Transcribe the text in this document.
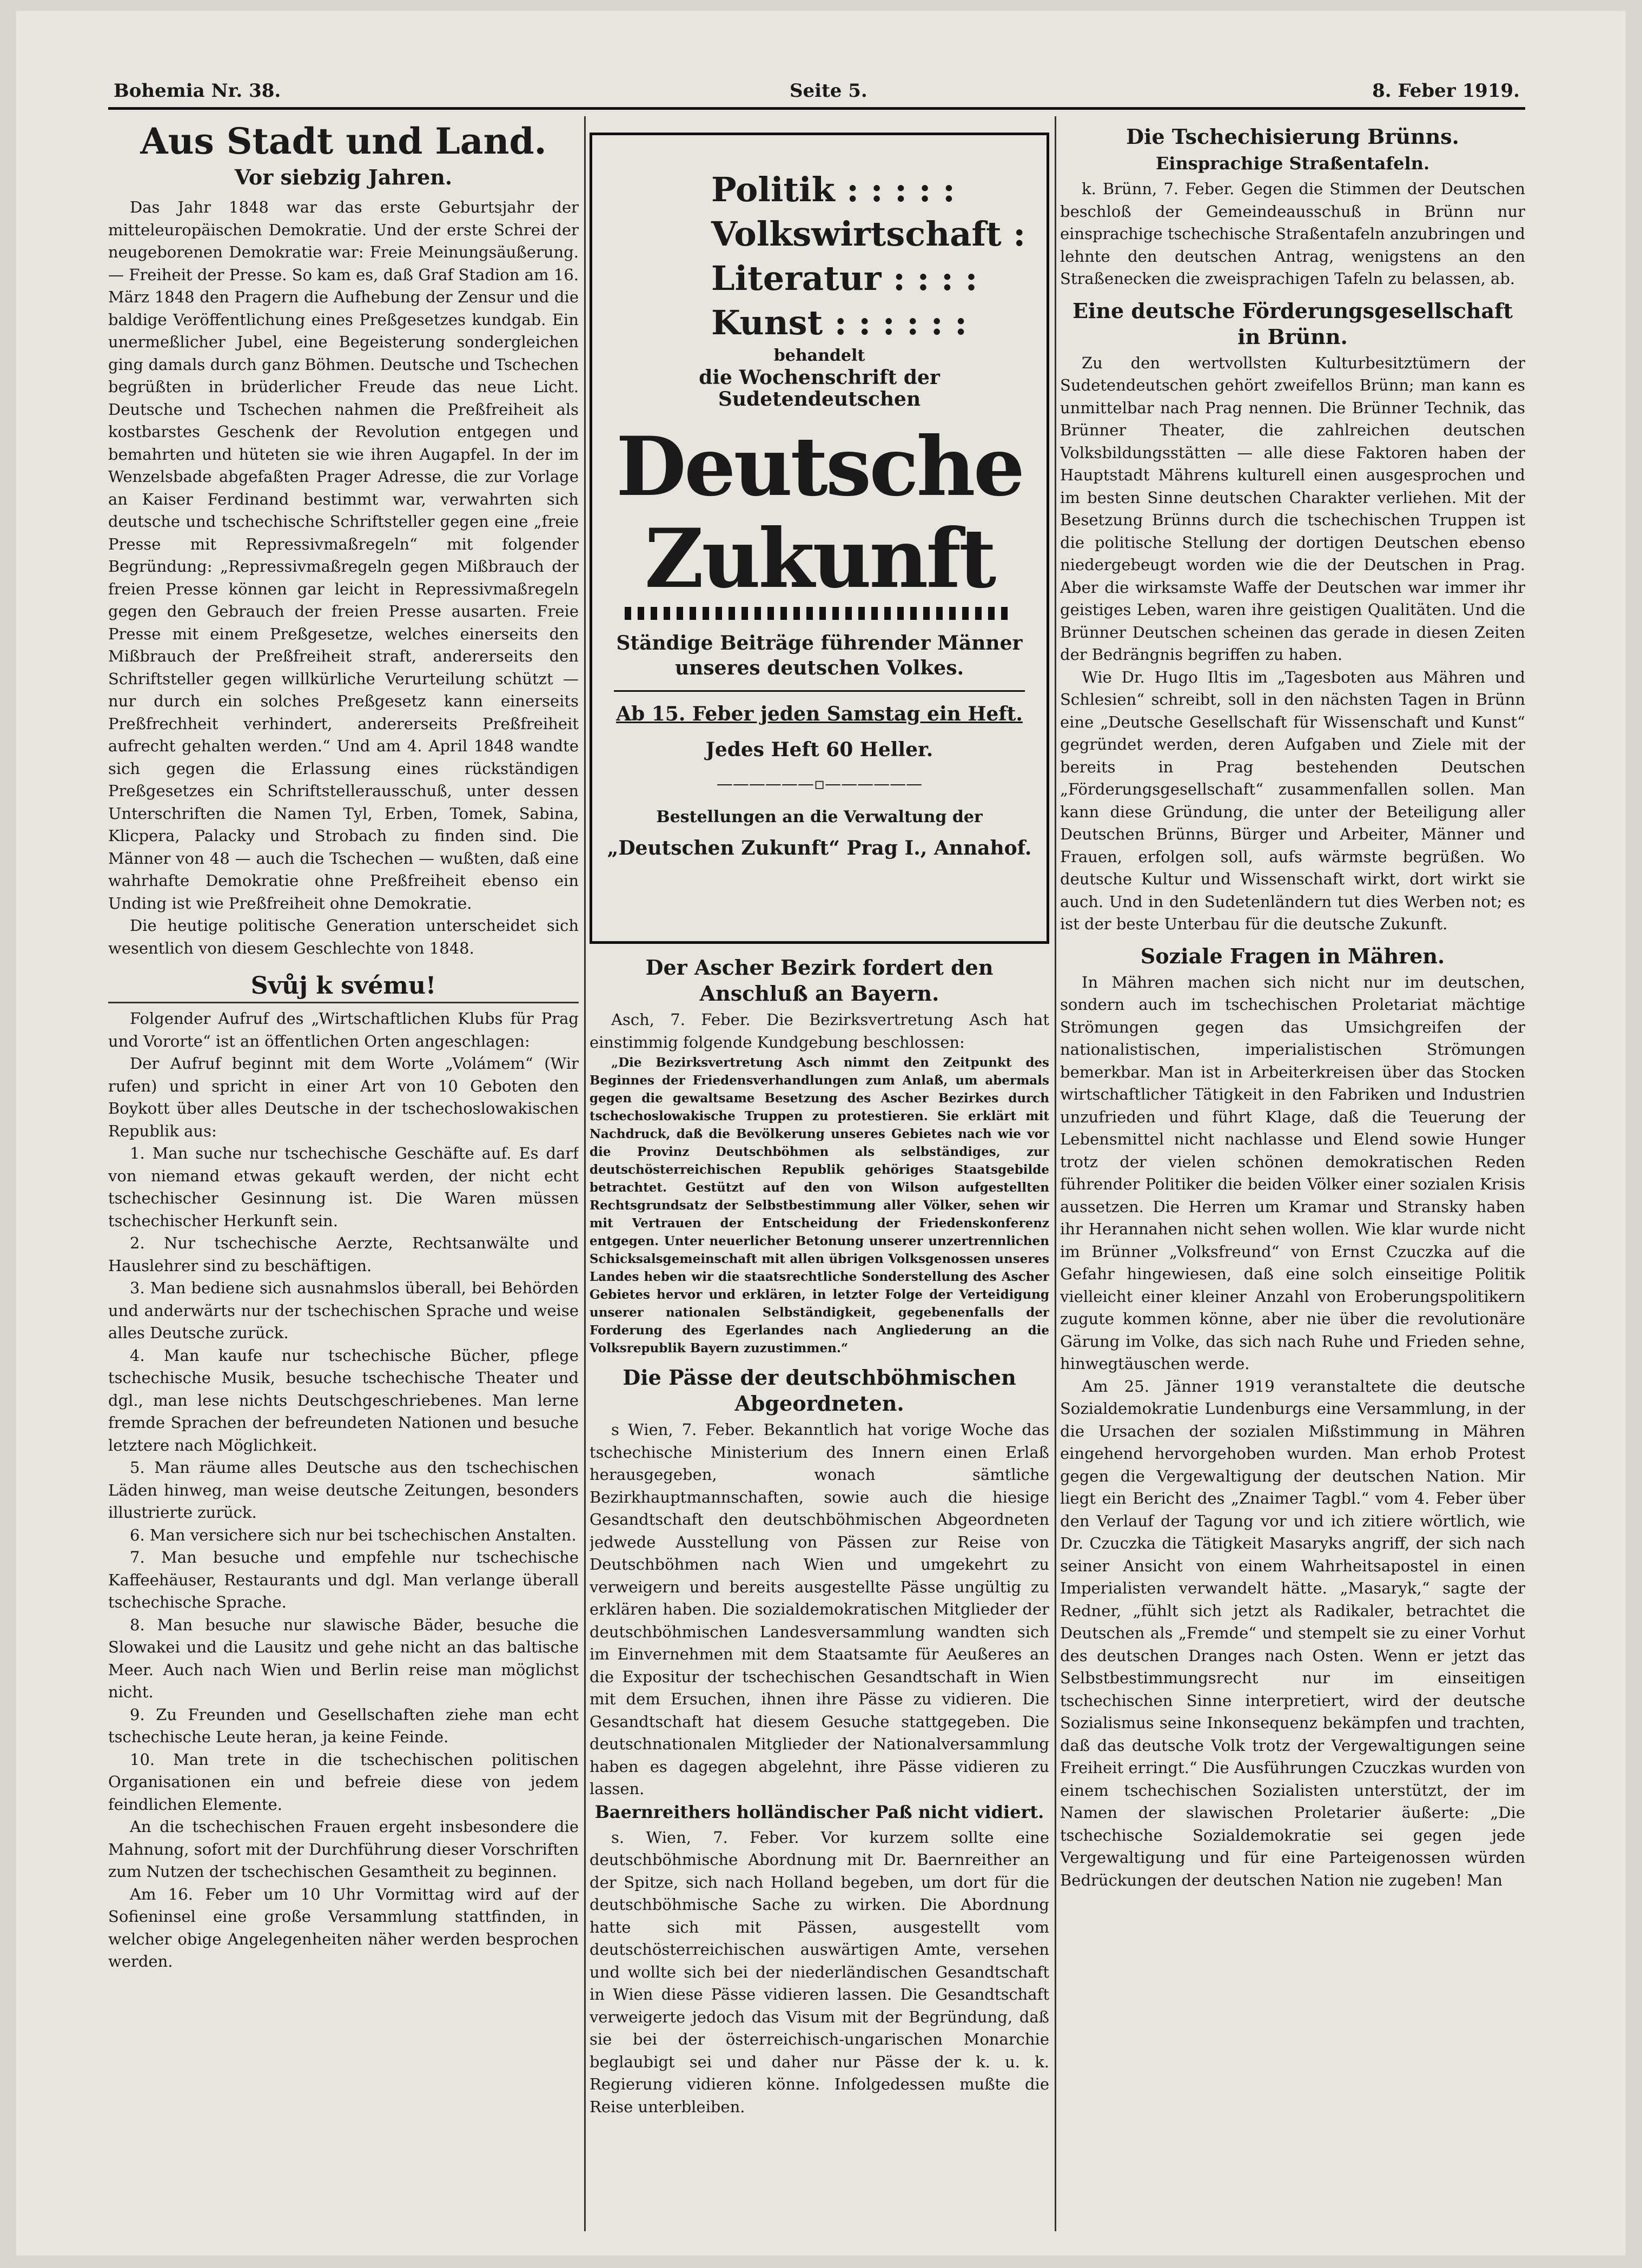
Bohemia Nr. 38.	Seite 5.	8. Feber 1919.
Aus Stadt und Land.
Vor siebzig Jahren.

Das Jahr 1848 war das erste Geburtsjahr der mitteleuropäischen Demokratie. Und der erste Schrei der neugeborenen Demokratie war: Freie Meinungsäußerung. — Freiheit der Presse. So kam es, daß Graf Stadion am 16. März 1848 den Pragern die Aufhebung der Zensur und die baldige Veröffentlichung eines Preßgesetzes kundgab. Ein unermeßlicher Jubel, eine Begeisterung sondergleichen ging damals durch ganz Böhmen. Deutsche und Tschechen begrüßten in brüderlicher Freude das neue Licht. Deutsche und Tschechen nahmen die Preßfreiheit als kostbarstes Geschenk der Revolution entgegen und bemahrten und hüteten sie wie ihren Augapfel. In der im Wenzelsbade abgefaßten Prager Adresse, die zur Vorlage an Kaiser Ferdinand bestimmt war, verwahrten sich deutsche und tschechische Schriftsteller gegen eine „freie Presse mit Repressivmaßregeln“ mit folgender Begründung: „Repressivmaßregeln gegen Mißbrauch der freien Presse können gar leicht in Repressivmaßregeln gegen den Gebrauch der freien Presse ausarten. Freie Presse mit einem Preßgesetze, welches einerseits den Mißbrauch der Preßfreiheit straft, andererseits den Schriftsteller gegen willkürliche Verurteilung schützt — nur durch ein solches Preßgesetz kann einerseits Preßfrechheit verhindert, andererseits Preßfreiheit aufrecht gehalten werden.“ Und am 4. April 1848 wandte sich gegen die Erlassung eines rückständigen Preßgesetzes ein Schriftstellerausschuß, unter dessen Unterschriften die Namen Tyl, Erben, Tomek, Sabina, Klicpera, Palacky und Strobach zu finden sind. Die Männer von 48 — auch die Tschechen — wußten, daß eine wahrhafte Demokratie ohne Preßfreiheit ebenso ein Unding ist wie Preßfreiheit ohne Demokratie.

Die heutige politische Generation unterscheidet sich wesentlich von diesem Geschlechte von 1848.

Svůj k svému!

Folgender Aufruf des „Wirtschaftlichen Klubs für Prag und Vororte“ ist an öffentlichen Orten angeschlagen:

Der Aufruf beginnt mit dem Worte „Volámem“ (Wir rufen) und spricht in einer Art von 10 Geboten den Boykott über alles Deutsche in der tschechoslowakischen Republik aus:

1. Man suche nur tschechische Geschäfte auf. Es darf von niemand etwas gekauft werden, der nicht echt tschechischer Gesinnung ist. Die Waren müssen tschechischer Herkunft sein.

2. Nur tschechische Aerzte, Rechtsanwälte und Hauslehrer sind zu beschäftigen.

3. Man bediene sich ausnahmslos überall, bei Behörden und anderwärts nur der tschechischen Sprache und weise alles Deutsche zurück.

4. Man kaufe nur tschechische Bücher, pflege tschechische Musik, besuche tschechische Theater und dgl., man lese nichts Deutschgeschriebenes. Man lerne fremde Sprachen der befreundeten Nationen und besuche letztere nach Möglichkeit.

5. Man räume alles Deutsche aus den tschechischen Läden hinweg, man weise deutsche Zeitungen, besonders illustrierte zurück.

6. Man versichere sich nur bei tschechischen Anstalten.

7. Man besuche und empfehle nur tschechische Kaffeehäuser, Restaurants und dgl. Man verlange überall tschechische Sprache.

8. Man besuche nur slawische Bäder, besuche die Slowakei und die Lausitz und gehe nicht an das baltische Meer. Auch nach Wien und Berlin reise man möglichst nicht.

9. Zu Freunden und Gesellschaften ziehe man echt tschechische Leute heran, ja keine Feinde.

10. Man trete in die tschechischen politischen Organisationen ein und befreie diese von jedem feindlichen Elemente.

An die tschechischen Frauen ergeht insbesondere die Mahnung, sofort mit der Durchführung dieser Vorschriften zum Nutzen der tschechischen Gesamtheit zu beginnen.

Am 16. Feber um 10 Uhr Vormittag wird auf der Sofieninsel eine große Versammlung stattfinden, in welcher obige Angelegenheiten näher werden besprochen werden.

Politik : : : : :
Volkswirtschaft :
Literatur : : : :
Kunst : : : : : :
behandelt
die Wochenschrift der Sudetendeutschen
Deutsche Zukunft
Ständige Beiträge führender Männer
unseres deutschen Volkes.
Ab 15. Feber jeden Samstag ein Heft.
Jedes Heft 60 Heller.
——————▫——————
Bestellungen an die Verwaltung der
„Deutschen Zukunft“ Prag I., Annahof.
Der Ascher Bezirk fordert den Anschluß an Bayern.

Asch, 7. Feber. Die Bezirksvertretung Asch hat einstimmig folgende Kundgebung beschlossen:

„Die Bezirksvertretung Asch nimmt den Zeitpunkt des Beginnes der Friedensverhandlungen zum Anlaß, um abermals gegen die gewaltsame Besetzung des Ascher Bezirkes durch tschechoslowakische Truppen zu protestieren. Sie erklärt mit Nachdruck, daß die Bevölkerung unseres Gebietes nach wie vor die Provinz Deutschböhmen als selbständiges, zur deutschösterreichischen Republik gehöriges Staatsgebilde betrachtet. Gestützt auf den von Wilson aufgestellten Rechtsgrundsatz der Selbstbestimmung aller Völker, sehen wir mit Vertrauen der Entscheidung der Friedenskonferenz entgegen. Unter neuerlicher Betonung unserer unzertrennlichen Schicksalsgemeinschaft mit allen übrigen Volksgenossen unseres Landes heben wir die staatsrechtliche Sonderstellung des Ascher Gebietes hervor und erklären, in letzter Folge der Verteidigung unserer nationalen Selbständigkeit, gegebenenfalls der Forderung des Egerlandes nach Angliederung an die Volksrepublik Bayern zuzustimmen.“

Die Pässe der deutschböhmischen Abgeordneten.

s Wien, 7. Feber. Bekanntlich hat vorige Woche das tschechische Ministerium des Innern einen Erlaß herausgegeben, wonach sämtliche Bezirkhauptmannschaften, sowie auch die hiesige Gesandtschaft den deutschböhmischen Abgeordneten jedwede Ausstellung von Pässen zur Reise von Deutschböhmen nach Wien und umgekehrt zu verweigern und bereits ausgestellte Pässe ungültig zu erklären haben. Die sozialdemokratischen Mitglieder der deutschböhmischen Landesversammlung wandten sich im Einvernehmen mit dem Staatsamte für Aeußeres an die Expositur der tschechischen Gesandtschaft in Wien mit dem Ersuchen, ihnen ihre Pässe zu vidieren. Die Gesandtschaft hat diesem Gesuche stattgegeben. Die deutschnationalen Mitglieder der Nationalversammlung haben es dagegen abgelehnt, ihre Pässe vidieren zu lassen.

Baernreithers holländischer Paß nicht vidiert.

s. Wien, 7. Feber. Vor kurzem sollte eine deutschböhmische Abordnung mit Dr. Baernreither an der Spitze, sich nach Holland begeben, um dort für die deutschböhmische Sache zu wirken. Die Abordnung hatte sich mit Pässen, ausgestellt vom deutschösterreichischen auswärtigen Amte, versehen und wollte sich bei der niederländischen Gesandtschaft in Wien diese Pässe vidieren lassen. Die Gesandtschaft verweigerte jedoch das Visum mit der Begründung, daß sie bei der österreichisch-ungarischen Monarchie beglaubigt sei und daher nur Pässe der k. u. k. Regierung vidieren könne. Infolgedessen mußte die Reise unterbleiben.

Die Tschechisierung Brünns.
Einsprachige Straßentafeln.

k. Brünn, 7. Feber. Gegen die Stimmen der Deutschen beschloß der Gemeindeausschuß in Brünn nur einsprachige tschechische Straßentafeln anzubringen und lehnte den deutschen Antrag, wenigstens an den Straßenecken die zweisprachigen Tafeln zu belassen, ab.

Eine deutsche Förderungsgesellschaft in Brünn.

Zu den wertvollsten Kulturbesitztümern der Sudetendeutschen gehört zweifellos Brünn; man kann es unmittelbar nach Prag nennen. Die Brünner Technik, das Brünner Theater, die zahlreichen deutschen Volksbildungsstätten — alle diese Faktoren haben der Hauptstadt Mährens kulturell einen ausgesprochen und im besten Sinne deutschen Charakter verliehen. Mit der Besetzung Brünns durch die tschechischen Truppen ist die politische Stellung der dortigen Deutschen ebenso niedergebeugt worden wie die der Deutschen in Prag. Aber die wirksamste Waffe der Deutschen war immer ihr geistiges Leben, waren ihre geistigen Qualitäten. Und die Brünner Deutschen scheinen das gerade in diesen Zeiten der Bedrängnis begriffen zu haben.

Wie Dr. Hugo Iltis im „Tagesboten aus Mähren und Schlesien“ schreibt, soll in den nächsten Tagen in Brünn eine „Deutsche Gesellschaft für Wissenschaft und Kunst“ gegründet werden, deren Aufgaben und Ziele mit der bereits in Prag bestehenden Deutschen „Förderungsgesellschaft“ zusammenfallen sollen. Man kann diese Gründung, die unter der Beteiligung aller Deutschen Brünns, Bürger und Arbeiter, Männer und Frauen, erfolgen soll, aufs wärmste begrüßen. Wo deutsche Kultur und Wissenschaft wirkt, dort wirkt sie auch. Und in den Sudetenländern tut dies Werben not; es ist der beste Unterbau für die deutsche Zukunft.

Soziale Fragen in Mähren.

In Mähren machen sich nicht nur im deutschen, sondern auch im tschechischen Proletariat mächtige Strömungen gegen das Umsichgreifen der nationalistischen, imperialistischen Strömungen bemerkbar. Man ist in Arbeiterkreisen über das Stocken wirtschaftlicher Tätigkeit in den Fabriken und Industrien unzufrieden und führt Klage, daß die Teuerung der Lebensmittel nicht nachlasse und Elend sowie Hunger trotz der vielen schönen demokratischen Reden führender Politiker die beiden Völker einer sozialen Krisis aussetzen. Die Herren um Kramar und Stransky haben ihr Herannahen nicht sehen wollen. Wie klar wurde nicht im Brünner „Volksfreund“ von Ernst Czuczka auf die Gefahr hingewiesen, daß eine solch einseitige Politik vielleicht einer kleiner Anzahl von Eroberungspolitikern zugute kommen könne, aber nie über die revolutionäre Gärung im Volke, das sich nach Ruhe und Frieden sehne, hinwegtäuschen werde.

Am 25. Jänner 1919 veranstaltete die deutsche Sozialdemokratie Lundenburgs eine Versammlung, in der die Ursachen der sozialen Mißstimmung in Mähren eingehend hervorgehoben wurden. Man erhob Protest gegen die Vergewaltigung der deutschen Nation. Mir liegt ein Bericht des „Znaimer Tagbl.“ vom 4. Feber über den Verlauf der Tagung vor und ich zitiere wörtlich, wie Dr. Czuczka die Tätigkeit Masaryks angriff, der sich nach seiner Ansicht von einem Wahrheitsapostel in einen Imperialisten verwandelt hätte. „Masaryk,“ sagte der Redner, „fühlt sich jetzt als Radikaler, betrachtet die Deutschen als „Fremde“ und stempelt sie zu einer Vorhut des deutschen Dranges nach Osten. Wenn er jetzt das Selbstbestimmungsrecht nur im einseitigen tschechischen Sinne interpretiert, wird der deutsche Sozialismus seine Inkonsequenz bekämpfen und trachten, daß das deutsche Volk trotz der Vergewaltigungen seine Freiheit erringt.“ Die Ausführungen Czuczkas wurden von einem tschechischen Sozialisten unterstützt, der im Namen der slawischen Proletarier äußerte: „Die tschechische Sozialdemokratie sei gegen jede Vergewaltigung und für eine Parteigenossen würden Bedrückungen der deutschen Nation nie zugeben! Man
